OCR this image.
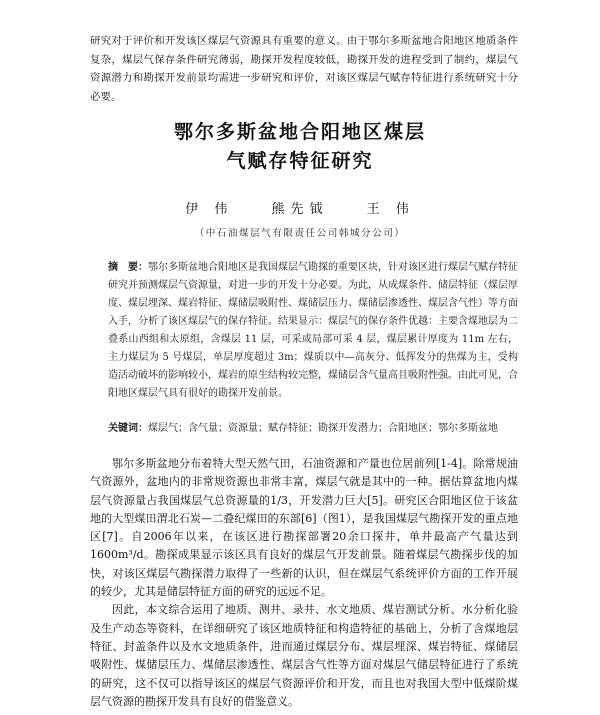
研究对于评价和开发该区煤层气资源具有重要的意义。由于鄂尔多斯盆地合阳地区地质条件复杂，煤层气保存条件研究薄弱，勘探开发程度较低，勘探开发的进程受到了制约，煤层气资源潜力和勘探开发前景均需进一步研究和评价，对该区煤层气赋存特征进行系统研究十分必要。
鄂尔多斯盆地合阳地区煤层
气赋存特征研究
伊 伟	熊先钺	王 伟
（中石油煤层气有限责任公司韩城分公司）
摘　要：鄂尔多斯盆地合阳地区是我国煤层气勘探的重要区块，针对该区进行煤层气赋存特征研究并预测煤层气资源量，对进一步的开发十分必要。为此，从成煤条件、储层特征（煤层厚度、煤层埋深、煤岩特征、煤储层吸附性、煤储层压力、煤储层渗透性、煤层含气性）等方面入手，分析了该区煤层气的保存特征。结果显示：煤层气的保存条件优越：主要含煤地层为二叠系山西组和太原组，含煤层 11 层，可采或局部可采 4 层，煤层累计厚度为 11m 左右，主力煤层为 5 号煤层，单层厚度超过 3m；煤质以中—高灰分、低挥发分的焦煤为主，受构造活动破坏的影响较小，煤岩的原生结构较完整，煤储层含气量高且吸附性强。由此可见，合阳地区煤层气具有很好的勘探开发前景。
关键词：煤层气；含气量；资源量；赋存特征；勘探开发潜力；合阳地区；鄂尔多斯盆地

鄂尔多斯盆地分布着特大型天然气田，石油资源和产量也位居前列[1-4]。除常规油气资源外，盆地内的非常规资源也非常丰富，煤层气就是其中的一种。据估算盆地内煤层气资源量占我国煤层气总资源量的1/3，开发潜力巨大[5]。研究区合阳地区位于该盆地的大型煤田渭北石炭—二叠纪煤田的东部[6]（图1），是我国煤层气勘探开发的重点地区[7]。自2006年以来，在该区进行勘探部署20余口探井，单井最高产气量达到1600m³/d。勘探成果显示该区具有良好的煤层气开发前景。随着煤层气勘探步伐的加快，对该区煤层气勘探潜力取得了一些新的认识，但在煤层气系统评价方面的工作开展的较少，尤其是储层特征方面的研究的远远不足。

因此，本文综合运用了地质、测井、录井、水文地质、煤岩测试分析、水分析化验及生产动态等资料，在详细研究了该区地质特征和构造特征的基础上，分析了含煤地层特征、封盖条件以及水文地质条件，进而通过煤层分布、煤层埋深、煤岩特征、煤储层吸附性、煤储层压力、煤储层渗透性、煤层含气性等方面对煤层气储层特征进行了系统的研究，这不仅可以指导该区的煤层气资源评价和开发，而且也对我国大型中低煤阶煤层气资源的勘探开发具有良好的借鉴意义。
